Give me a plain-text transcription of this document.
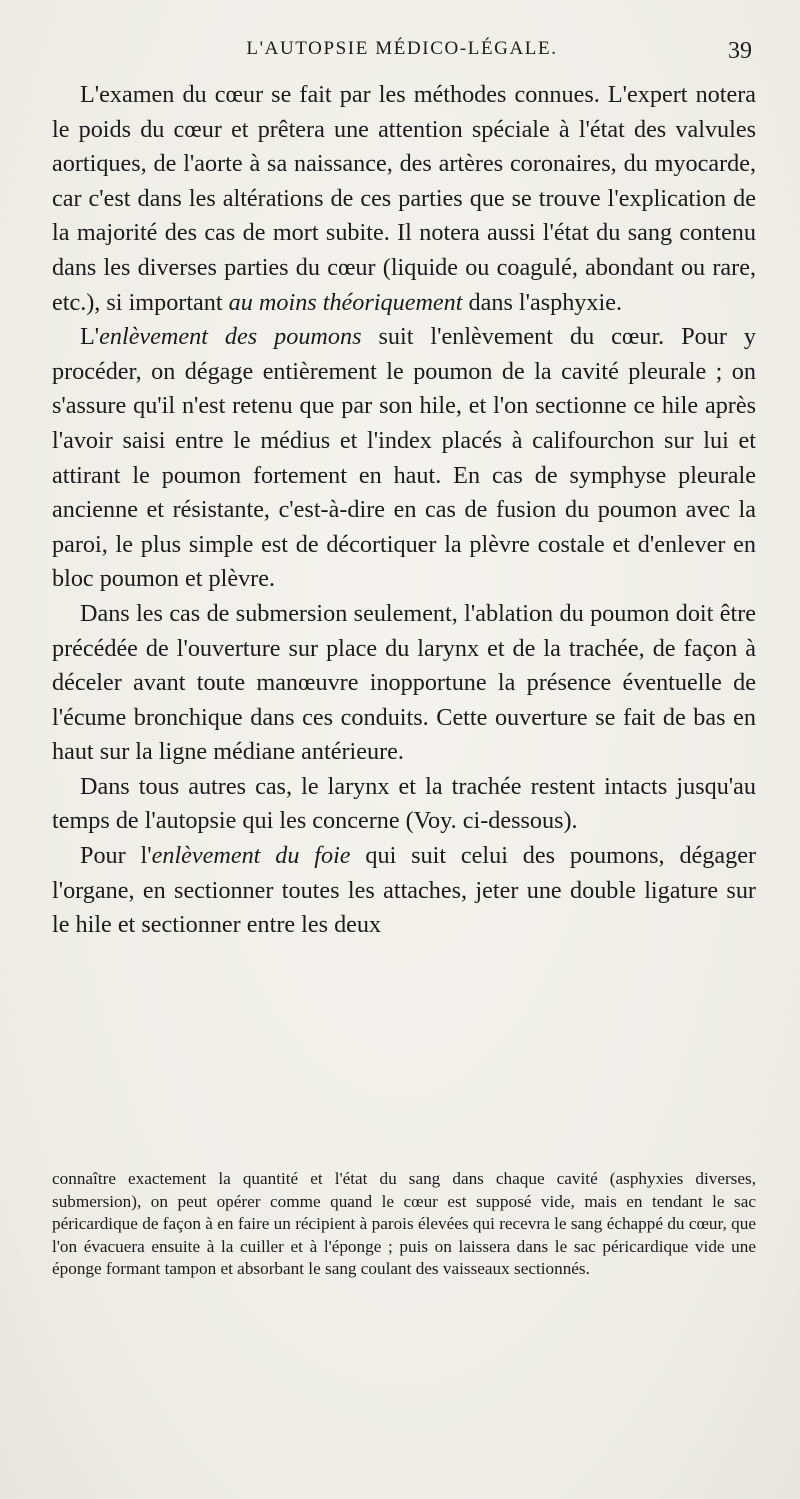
L'AUTOPSIE MÉDICO-LÉGALE.	39

L'examen du cœur se fait par les méthodes connues. L'expert notera le poids du cœur et prêtera une attention spéciale à l'état des valvules aortiques, de l'aorte à sa naissance, des artères coronaires, du myocarde, car c'est dans les altérations de ces parties que se trouve l'explication de la majorité des cas de mort subite. Il notera aussi l'état du sang contenu dans les diverses parties du cœur (liquide ou coagulé, abondant ou rare, etc.), si important au moins théoriquement dans l'asphyxie.

L'enlèvement des poumons suit l'enlèvement du cœur. Pour y procéder, on dégage entièrement le poumon de la cavité pleurale ; on s'assure qu'il n'est retenu que par son hile, et l'on sectionne ce hile après l'avoir saisi entre le médius et l'index placés à califourchon sur lui et attirant le poumon fortement en haut. En cas de symphyse pleurale ancienne et résistante, c'est-à-dire en cas de fusion du poumon avec la paroi, le plus simple est de décortiquer la plèvre costale et d'enlever en bloc poumon et plèvre.

Dans les cas de submersion seulement, l'ablation du poumon doit être précédée de l'ouverture sur place du larynx et de la trachée, de façon à déceler avant toute manœuvre inopportune la présence éventuelle de l'écume bronchique dans ces conduits. Cette ouverture se fait de bas en haut sur la ligne médiane antérieure.

Dans tous autres cas, le larynx et la trachée restent intacts jusqu'au temps de l'autopsie qui les concerne (Voy. ci-dessous).

Pour l'enlèvement du foie qui suit celui des poumons, dégager l'organe, en sectionner toutes les attaches, jeter une double ligature sur le hile et sectionner entre les deux

connaître exactement la quantité et l'état du sang dans chaque cavité (asphyxies diverses, submersion), on peut opérer comme quand le cœur est supposé vide, mais en tendant le sac péricardique de façon à en faire un récipient à parois élevées qui recevra le sang échappé du cœur, que l'on évacuera ensuite à la cuiller et à l'éponge ; puis on laissera dans le sac péricardique vide une éponge formant tampon et absorbant le sang coulant des vaisseaux sectionnés.
